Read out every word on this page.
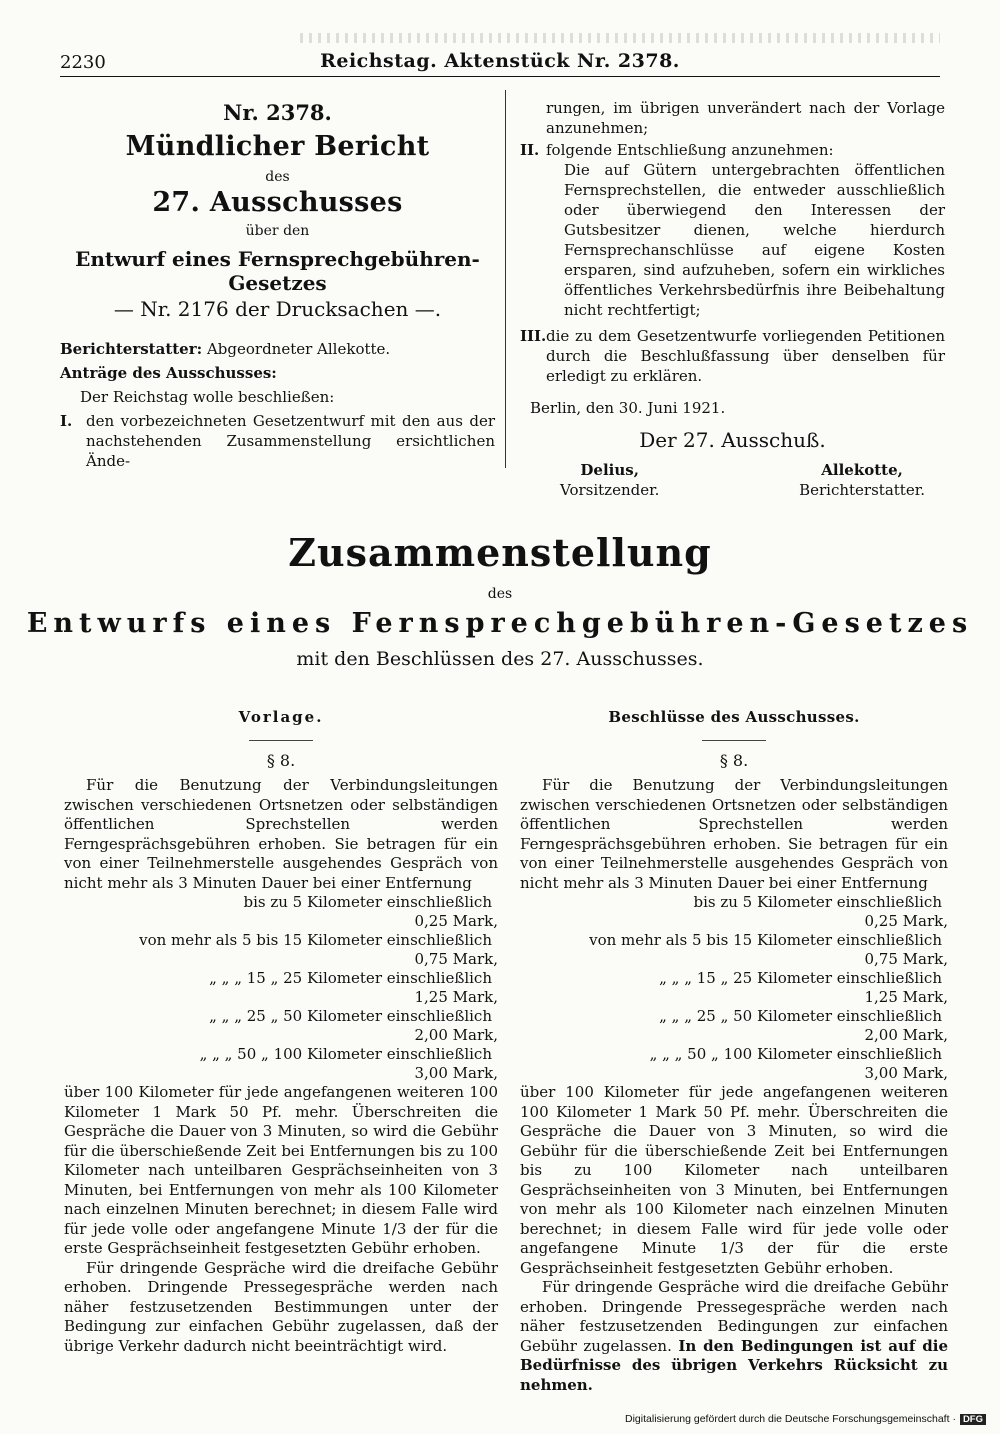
2230	Reichstag. Aktenstück Nr. 2378.
Nr. 2378.
Mündlicher Bericht
des
27. Ausschusses
über den
Entwurf eines Fernsprechgebühren-Gesetzes
— Nr. 2176 der Drucksachen —.
Berichterstatter: Abgeordneter Allekotte.
Anträge des Ausschusses:
Der Reichstag wolle beschließen:
I. den vorbezeichneten Gesetzentwurf mit den aus der nachstehenden Zusammenstellung ersichtlichen Ände-
rungen, im übrigen unverändert nach der Vorlage anzunehmen;
II. folgende Entschließung anzunehmen:
Die auf Gütern untergebrachten öffentlichen Fernsprechstellen, die entweder ausschließlich oder überwiegend den Interessen der Gutsbesitzer dienen, welche hierdurch Fernsprechanschlüsse auf eigene Kosten ersparen, sind aufzuheben, sofern ein wirkliches öffentliches Verkehrsbedürfnis ihre Beibehaltung nicht rechtfertigt;
III. die zu dem Gesetzentwurfe vorliegenden Petitionen durch die Beschlußfassung über denselben für erledigt zu erklären.
Berlin, den 30. Juni 1921.
Der 27. Ausschuß.
Delius,
Vorsitzender.
Allekotte,
Berichterstatter.
Zusammenstellung
des
Entwurfs eines Fernsprechgebühren-Gesetzes
mit den Beschlüssen des 27. Ausschusses.
Vorlage.
§ 8.

Für die Benutzung der Verbindungsleitungen zwischen verschiedenen Ortsnetzen oder selbständigen öffentlichen Sprechstellen werden Ferngesprächsgebühren erhoben. Sie betragen für ein von einer Teilnehmerstelle ausgehendes Gespräch von nicht mehr als 3 Minuten Dauer bei einer Entfernung

bis zu 5 Kilometer einschließlich
0,25 Mark,
von mehr als 5 bis 15 Kilometer einschließlich
0,75 Mark,
„ „ „ 15 „ 25 Kilometer einschließlich
1,25 Mark,
„ „ „ 25 „ 50 Kilometer einschließlich
2,00 Mark,
„ „ „ 50 „ 100 Kilometer einschließlich
3,00 Mark,

über 100 Kilometer für jede angefangenen weiteren 100 Kilometer 1 Mark 50 Pf. mehr. Überschreiten die Gespräche die Dauer von 3 Minuten, so wird die Gebühr für die überschießende Zeit bei Entfernungen bis zu 100 Kilometer nach unteilbaren Gesprächseinheiten von 3 Minuten, bei Entfernungen von mehr als 100 Kilometer nach einzelnen Minuten berechnet; in diesem Falle wird für jede volle oder angefangene Minute 1/3 der für die erste Gesprächseinheit festgesetzten Gebühr erhoben.

Für dringende Gespräche wird die dreifache Gebühr erhoben. Dringende Pressegespräche werden nach näher festzusetzenden Bestimmungen unter der Bedingung zur einfachen Gebühr zugelassen, daß der übrige Verkehr dadurch nicht beeinträchtigt wird.

Beschlüsse des Ausschusses.
§ 8.

Für die Benutzung der Verbindungsleitungen zwischen verschiedenen Ortsnetzen oder selbständigen öffentlichen Sprechstellen werden Ferngesprächsgebühren erhoben. Sie betragen für ein von einer Teilnehmerstelle ausgehendes Gespräch von nicht mehr als 3 Minuten Dauer bei einer Entfernung

bis zu 5 Kilometer einschließlich
0,25 Mark,
von mehr als 5 bis 15 Kilometer einschließlich
0,75 Mark,
„ „ „ 15 „ 25 Kilometer einschließlich
1,25 Mark,
„ „ „ 25 „ 50 Kilometer einschließlich
2,00 Mark,
„ „ „ 50 „ 100 Kilometer einschließlich
3,00 Mark,

über 100 Kilometer für jede angefangenen weiteren 100 Kilometer 1 Mark 50 Pf. mehr. Überschreiten die Gespräche die Dauer von 3 Minuten, so wird die Gebühr für die überschießende Zeit bei Entfernungen bis zu 100 Kilometer nach unteilbaren Gesprächseinheiten von 3 Minuten, bei Entfernungen von mehr als 100 Kilometer nach einzelnen Minuten berechnet; in diesem Falle wird für jede volle oder angefangene Minute 1/3 der für die erste Gesprächseinheit festgesetzten Gebühr erhoben.

Für dringende Gespräche wird die dreifache Gebühr erhoben. Dringende Pressegespräche werden nach näher festzusetzenden Bedingungen zur einfachen Gebühr zugelassen. In den Bedingungen ist auf die Bedürfnisse des übrigen Verkehrs Rücksicht zu nehmen.

Digitalisierung gefördert durch die Deutsche Forschungsgemeinschaft · DFG
